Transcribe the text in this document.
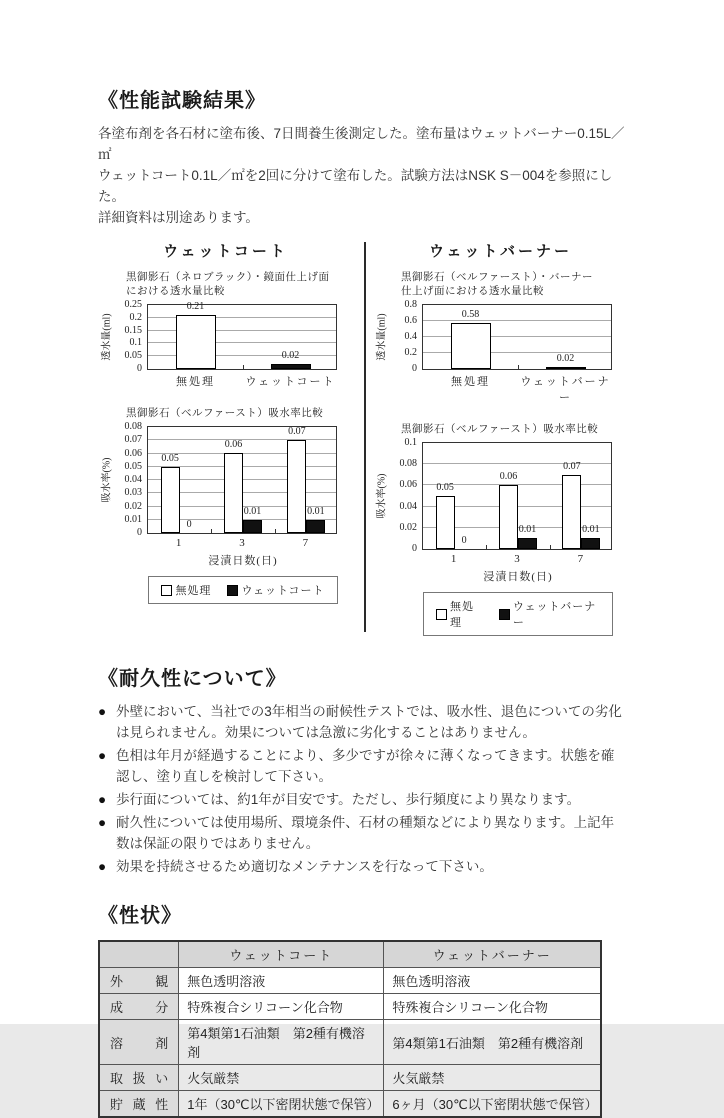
《性能試験結果》
各塗布剤を各石材に塗布後、7日間養生後測定した。塗布量はウェットバーナー0.15L／㎡
ウェットコート0.1L／㎡を2回に分けて塗布した。試験方法はNSK S－004を参照にした。
詳細資料は別途あります。
ウェットコート
黒御影石（ネロブラック）・鏡面仕上げ面
における透水量比較
透水量(ml)
0
0.05
0.1
0.15
0.2
0.25	0.21
0.02
無処理	ウェットコート
黒御影石（ベルファースト）吸水率比較
吸水率(%)
0
0.01
0.02
0.03
0.04
0.05
0.06
0.07
0.08
0.05
0
0.06
0.01
0.07
0.01
1	3	7
浸漬日数(日)
無処理	ウェットコート
ウェットバーナー
黒御影石（ベルファースト）・バーナー
仕上げ面における透水量比較
透水量(ml)
0
0.2
0.4
0.6
0.8
0.58
0.02
無処理	ウェットバーナー
黒御影石（ベルファースト）吸水率比較
吸水率(%)
0
0.02
0.04
0.06
0.08
0.1
0.05
0
0.06
0.01
0.07
0.01
1	3	7
浸漬日数(日)
無処理
ウェットバーナー
《耐久性について》
● 外壁において、当社での3年相当の耐候性テストでは、吸水性、退色についての劣化は見られません。効果については急激に劣化することはありません。
● 色相は年月が経過することにより、多少ですが徐々に薄くなってきます。状態を確認し、塗り直しを検討して下さい。
● 歩行面については、約1年が目安です。ただし、歩行頻度により異なります。
● 耐久性については使用場所、環境条件、石材の種類などにより異なります。上記年数は保証の限りではありません。
● 効果を持続させるため適切なメンテナンスを行なって下さい。
《性状》
	ウェットコート	ウェットバーナー
外 観	無色透明溶液	無色透明溶液
成 分	特殊複合シリコーン化合物	特殊複合シリコーン化合物
溶 剤	第4類第1石油類　第2種有機溶剤	第4類第1石油類　第2種有機溶剤
取 扱 い	火気厳禁	火気厳禁
貯 蔵 性	1年（30℃以下密閉状態で保管）	6ヶ月（30℃以下密閉状態で保管）
